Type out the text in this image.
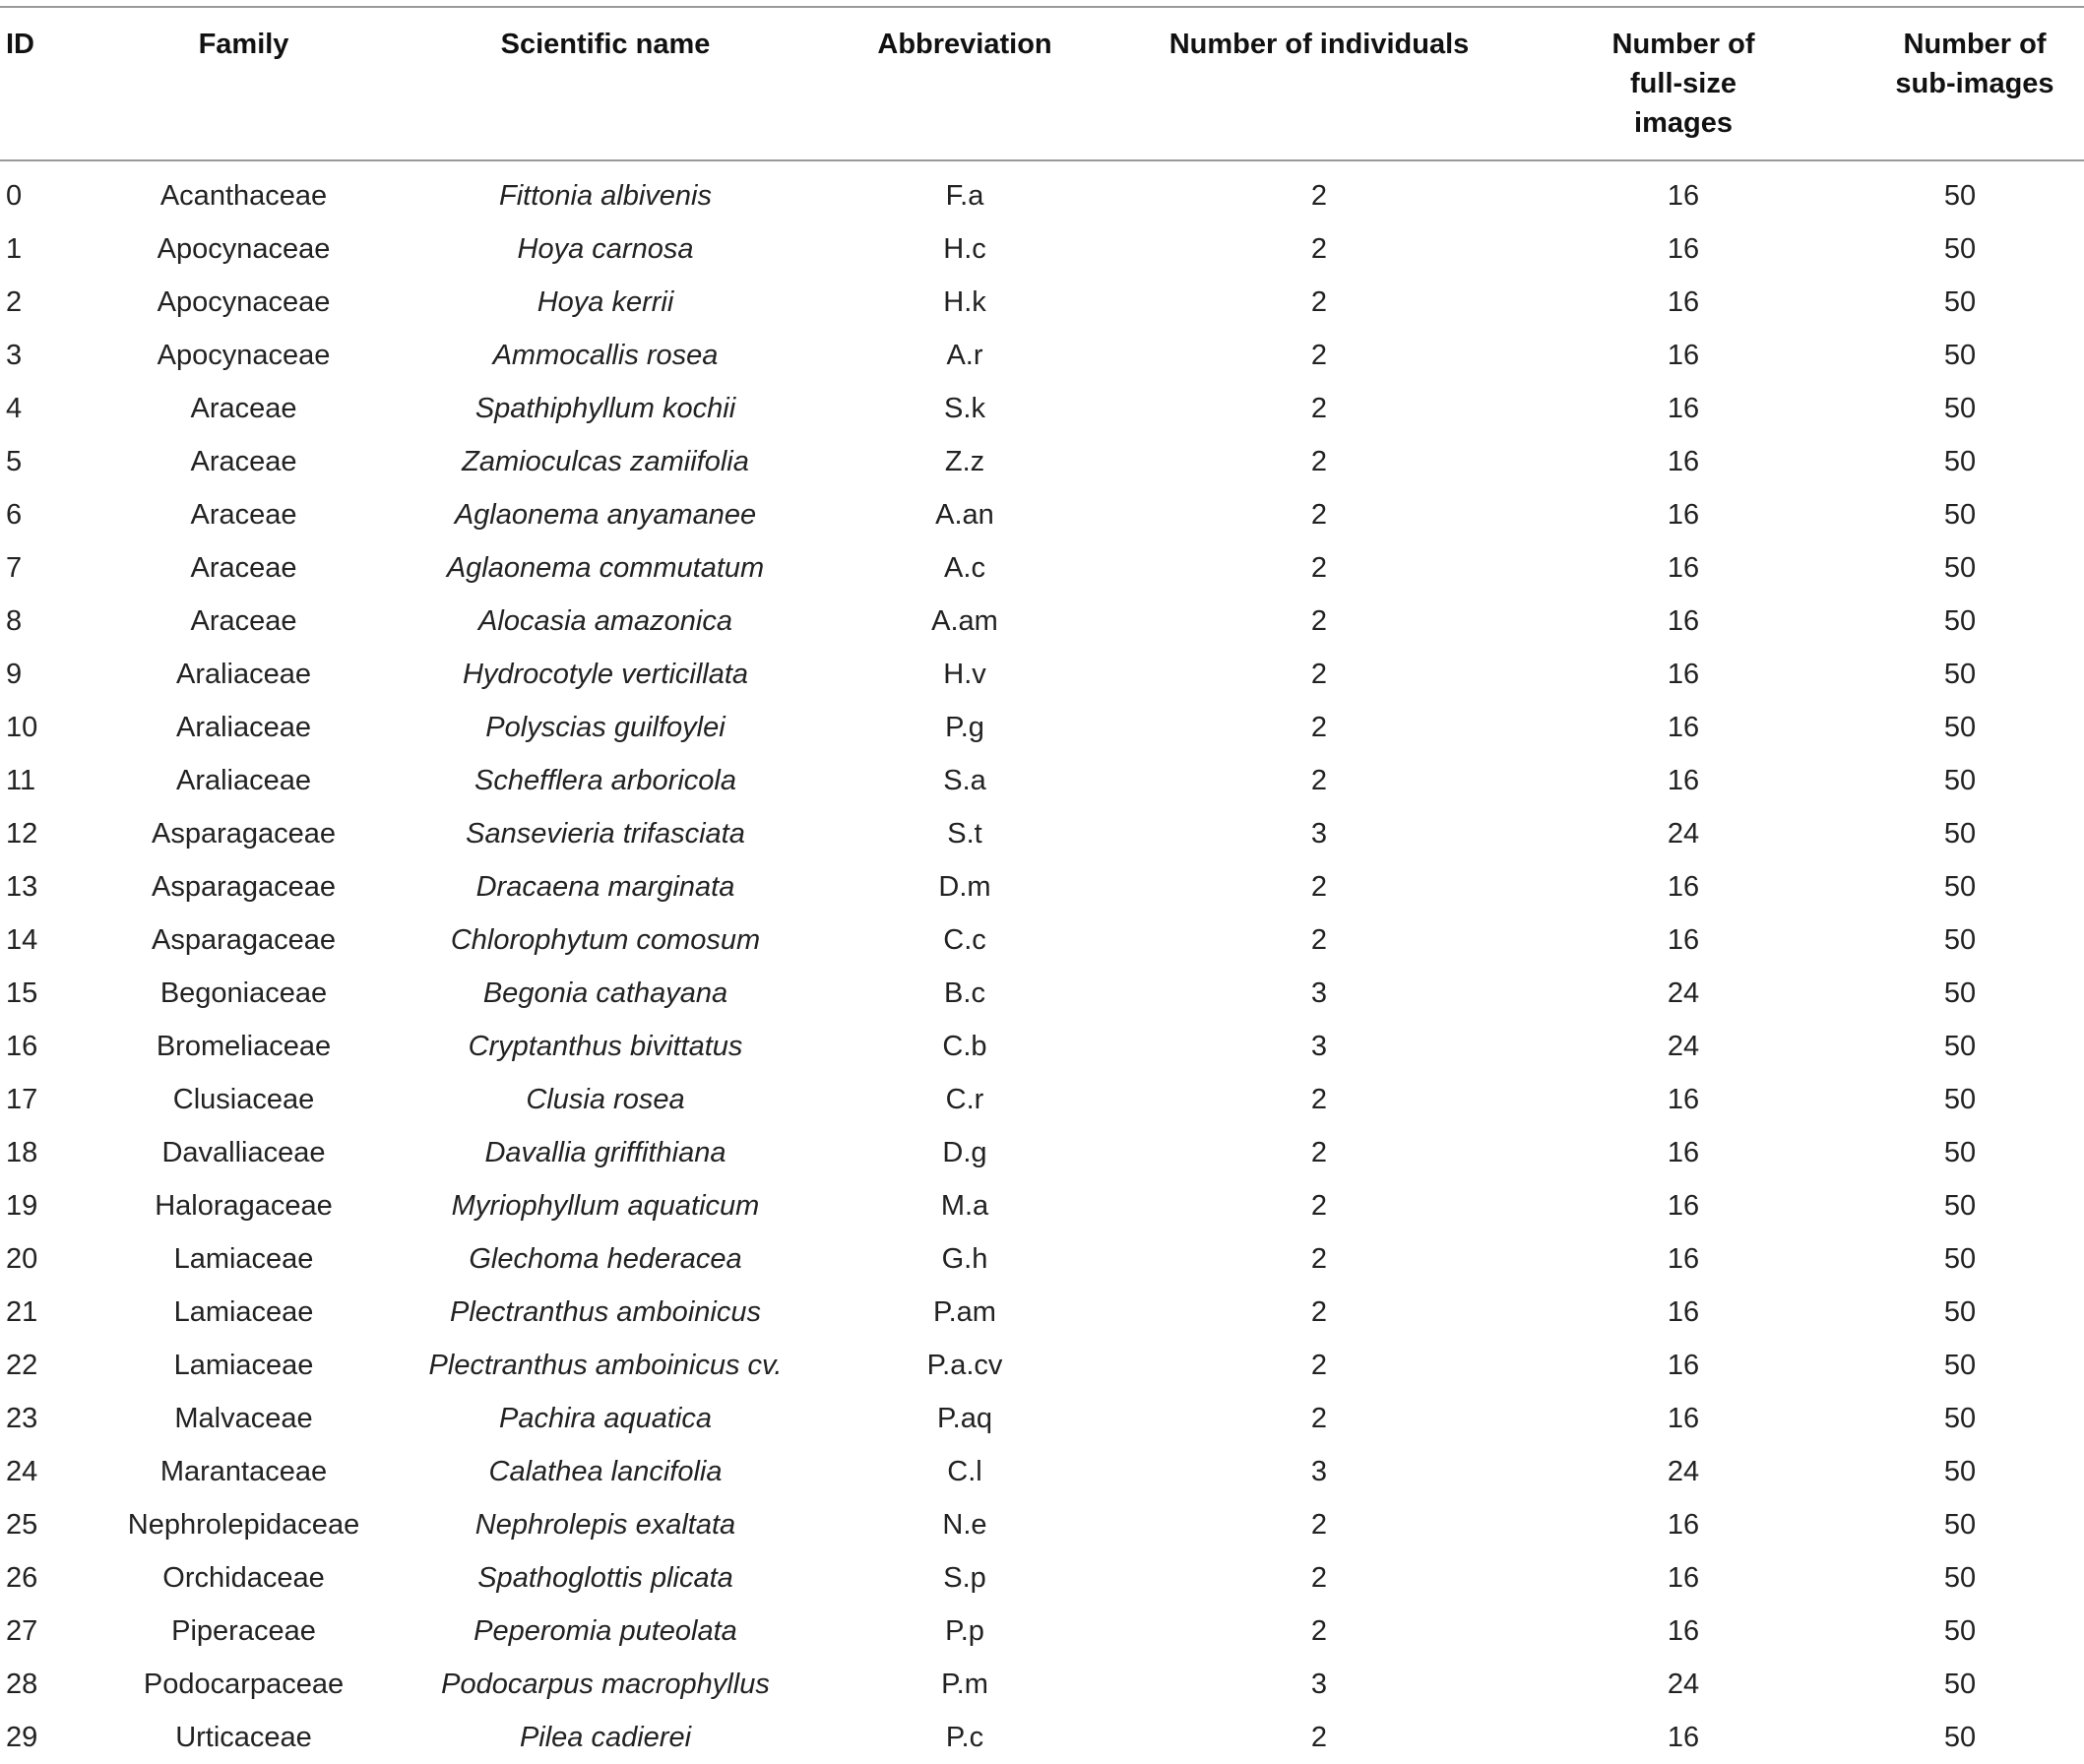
ID	Family	Scientific name	Abbreviation	Number of individuals	Number of full-size images	Number of sub-images
0	Acanthaceae	Fittonia albivenis	F.a	2	16	50
1	Apocynaceae	Hoya carnosa	H.c	2	16	50
2	Apocynaceae	Hoya kerrii	H.k	2	16	50
3	Apocynaceae	Ammocallis rosea	A.r	2	16	50
4	Araceae	Spathiphyllum kochii	S.k	2	16	50
5	Araceae	Zamioculcas zamiifolia	Z.z	2	16	50
6	Araceae	Aglaonema anyamanee	A.an	2	16	50
7	Araceae	Aglaonema commutatum	A.c	2	16	50
8	Araceae	Alocasia amazonica	A.am	2	16	50
9	Araliaceae	Hydrocotyle verticillata	H.v	2	16	50
10	Araliaceae	Polyscias guilfoylei	P.g	2	16	50
11	Araliaceae	Schefflera arboricola	S.a	2	16	50
12	Asparagaceae	Sansevieria trifasciata	S.t	3	24	50
13	Asparagaceae	Dracaena marginata	D.m	2	16	50
14	Asparagaceae	Chlorophytum comosum	C.c	2	16	50
15	Begoniaceae	Begonia cathayana	B.c	3	24	50
16	Bromeliaceae	Cryptanthus bivittatus	C.b	3	24	50
17	Clusiaceae	Clusia rosea	C.r	2	16	50
18	Davalliaceae	Davallia griffithiana	D.g	2	16	50
19	Haloragaceae	Myriophyllum aquaticum	M.a	2	16	50
20	Lamiaceae	Glechoma hederacea	G.h	2	16	50
21	Lamiaceae	Plectranthus amboinicus	P.am	2	16	50
22	Lamiaceae	Plectranthus amboinicus cv.	P.a.cv	2	16	50
23	Malvaceae	Pachira aquatica	P.aq	2	16	50
24	Marantaceae	Calathea lancifolia	C.l	3	24	50
25	Nephrolepidaceae	Nephrolepis exaltata	N.e	2	16	50
26	Orchidaceae	Spathoglottis plicata	S.p	2	16	50
27	Piperaceae	Peperomia puteolata	P.p	2	16	50
28	Podocarpaceae	Podocarpus macrophyllus	P.m	3	24	50
29	Urticaceae	Pilea cadierei	P.c	2	16	50
